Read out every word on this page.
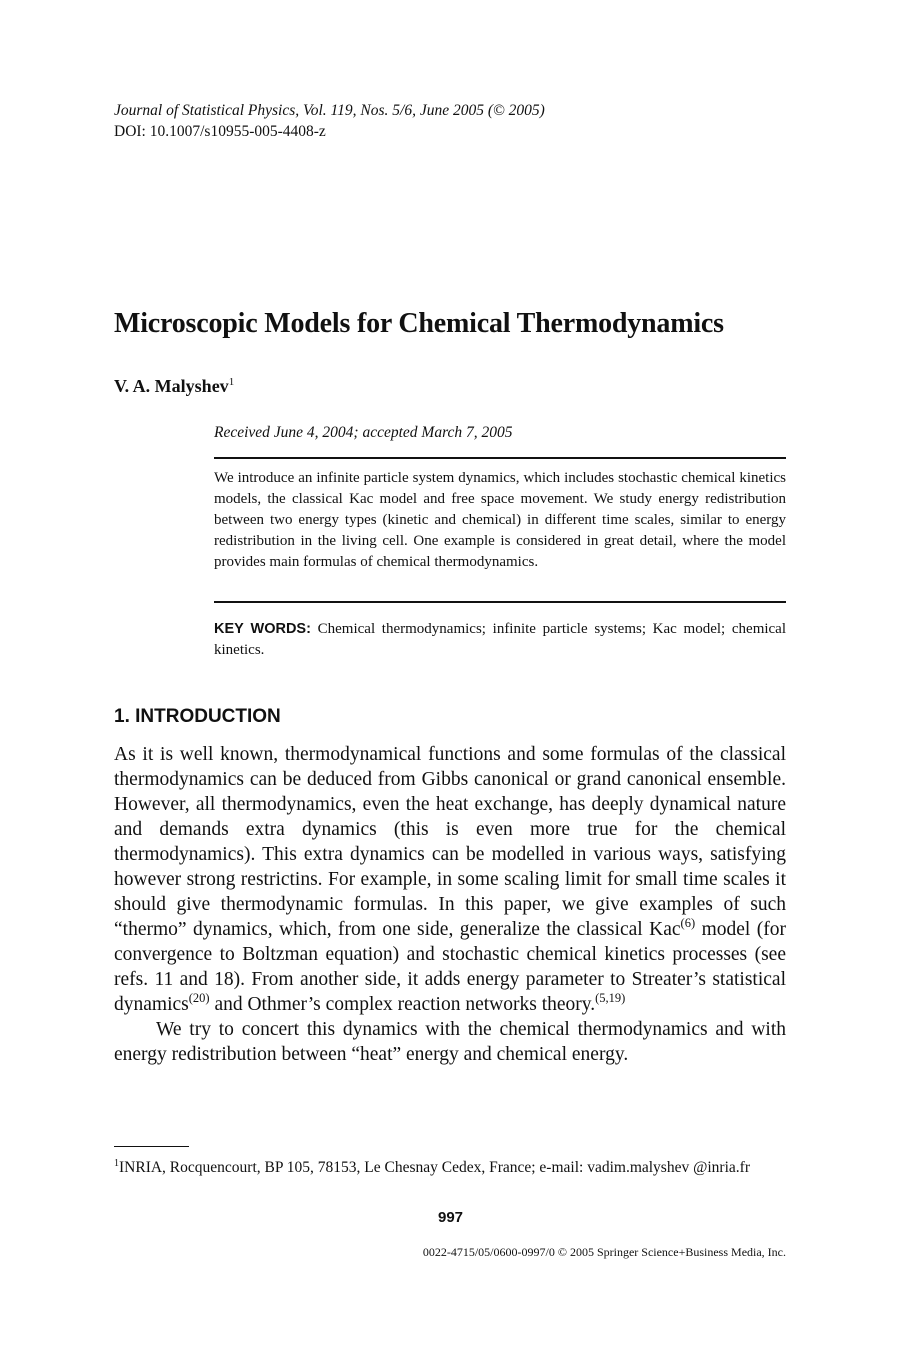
Journal of Statistical Physics, Vol. 119, Nos. 5/6, June 2005 (© 2005)
DOI: 10.1007/s10955-005-4408-z
Microscopic Models for Chemical Thermodynamics
V. A. Malyshev$^1$
Received June 4, 2004; accepted March 7, 2005
We introduce an infinite particle system dynamics, which includes stochastic chemical kinetics models, the classical Kac model and free space movement. We study energy redistribution between two energy types (kinetic and chemical) in different time scales, similar to energy redistribution in the living cell. One example is considered in great detail, where the model provides main formulas of chemical thermodynamics.
KEY WORDS: Chemical thermodynamics; infinite particle systems; Kac model; chemical kinetics.
1. INTRODUCTION

As it is well known, thermodynamical functions and some formulas of the classical thermodynamics can be deduced from Gibbs canonical or grand canonical ensemble. However, all thermodynamics, even the heat exchange, has deeply dynamical nature and demands extra dynamics (this is even more true for the chemical thermodynamics). This extra dynamics can be modelled in various ways, satisfying however strong restrictins. For example, in some scaling limit for small time scales it should give thermodynamic formulas. In this paper, we give examples of such “thermo” dynamics, which, from one side, generalize the classical Kac$^{(6)}$ model (for convergence to Boltzman equation) and stochastic chemical kinetics processes (see refs. 11 and 18). From another side, it adds energy parameter to Streater’s statistical dynamics$^{(20)}$ and Othmer’s complex reaction networks theory.$^{(5,19)}$

We try to concert this dynamics with the chemical thermodynamics and with energy redistribution between “heat” energy and chemical energy.

$^1$INRIA, Rocquencourt, BP 105, 78153, Le Chesnay Cedex, France; e-mail: vadim.malyshev @inria.fr
997
0022-4715/05/0600-0997/0 © 2005 Springer Science+Business Media, Inc.
